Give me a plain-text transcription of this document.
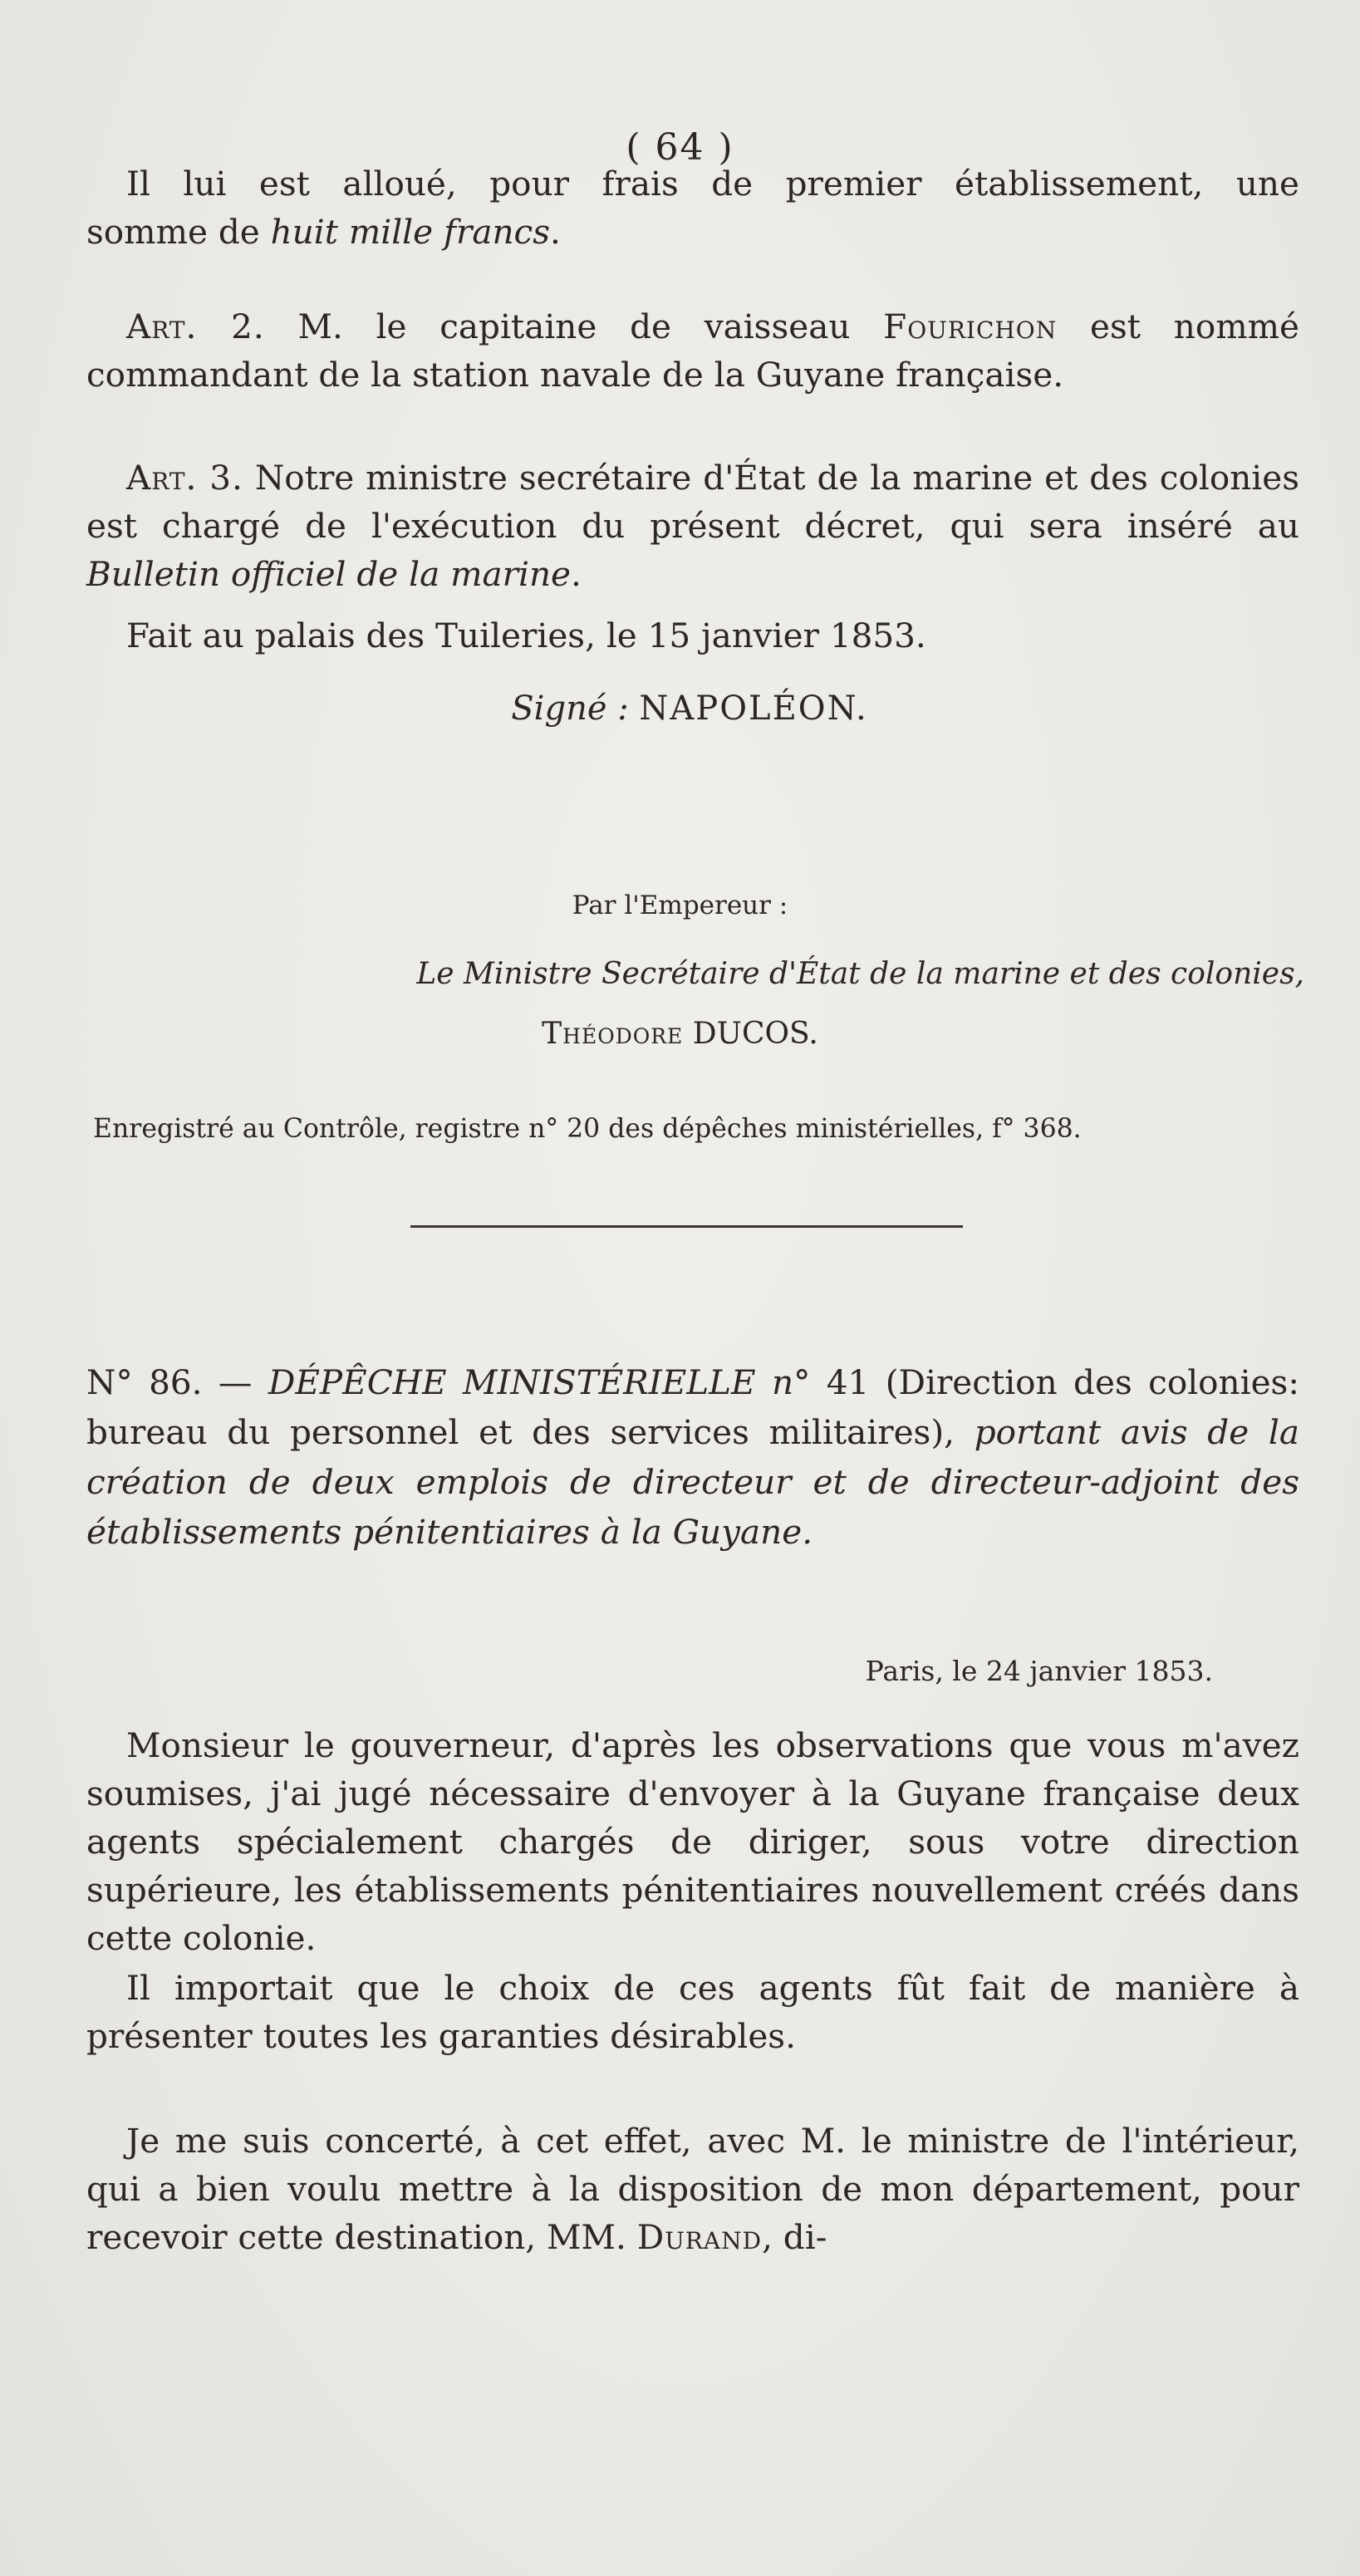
( 64 )
Il lui est alloué, pour frais de premier établissement, une
somme de huit mille francs.
Art. 2. M. le capitaine de vaisseau Fourichon est nommé commandant de la station navale de la Guyane française.
Art. 3. Notre ministre secrétaire d'État de la marine et des colonies est chargé de l'exécution du présent décret, qui sera inséré au Bulletin officiel de la marine.
Fait au palais des Tuileries, le 15 janvier 1853.
Signé : NAPOLÉON.
Par l'Empereur :
Le Ministre Secrétaire d'État de la marine et des colonies,
Théodore DUCOS.
Enregistré au Contrôle, registre n° 20 des dépêches ministérielles, f° 368.
N° 86. — DÉPÊCHE MINISTÉRIELLE n° 41 (Direction des colonies: bureau du personnel et des services militaires), portant avis de la création de deux emplois de directeur et de directeur-adjoint des établissements pénitentiaires à la Guyane.
Paris, le 24 janvier 1853.
Monsieur le gouverneur, d'après les observations que vous m'avez soumises, j'ai jugé nécessaire d'envoyer à la Guyane française deux agents spécialement chargés de diriger, sous votre direction supérieure, les établissements pénitentiaires nouvellement créés dans cette colonie.
Il importait que le choix de ces agents fût fait de manière à présenter toutes les garanties désirables.
Je me suis concerté, à cet effet, avec M. le ministre de l'intérieur, qui a bien voulu mettre à la disposition de mon département, pour recevoir cette destination, MM. Durand, di-
